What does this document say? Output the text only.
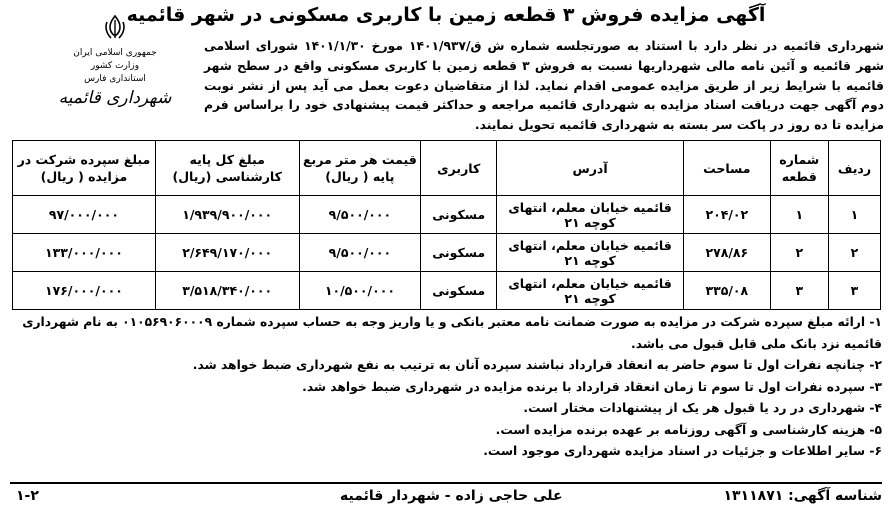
آگهی مزایده فروش ۳ قطعه زمین با کاربری مسکونی در شهر قائمیه
جمهوری اسلامی ایران
وزارت کشور
استانداری فارس
شهرداری قائمیه
شهرداری قائمیه در نظر دارد با استناد به صورتجلسه شماره ش ق/۱۴۰۱/۹۳۷ مورخ ۱۴۰۱/۱/۳۰ شورای اسلامی شهر قائمیه و آئین نامه مالی شهرداریها نسبت به فروش ۳ قطعه زمین با کاربری مسکونی واقع در سطح شهر قائمیه با شرایط زیر از طریق مزایده عمومی اقدام نماید. لذا از متقاضیان دعوت بعمل می آید پس از نشر نوبت دوم آگهی جهت دریافت اسناد مزایده به شهرداری قائمیه مراجعه و حداکثر قیمت پیشنهادی خود را براساس فرم مزایده تا ده روز در پاکت سر بسته به شهرداری قائمیه تحویل نمایند.
ردیف	شماره قطعه	مساحت	آدرس	کاربری	قیمت هر متر مربع پایه ( ریال)	مبلغ کل پایه کارشناسی (ریال)	مبلغ سپرده شرکت در مزایده ( ریال)
۱	۱	۲۰۴/۰۲	قائمیه خیابان معلم، انتهای کوچه ۲۱	مسکونی	۹/۵۰۰/۰۰۰	۱/۹۳۹/۹۰۰/۰۰۰	۹۷/۰۰۰/۰۰۰
۲	۲	۲۷۸/۸۶	قائمیه خیابان معلم، انتهای کوچه ۲۱	مسکونی	۹/۵۰۰/۰۰۰	۲/۶۴۹/۱۷۰/۰۰۰	۱۳۳/۰۰۰/۰۰۰
۳	۳	۳۳۵/۰۸	قائمیه خیابان معلم، انتهای کوچه ۲۱	مسکونی	۱۰/۵۰۰/۰۰۰	۳/۵۱۸/۳۴۰/۰۰۰	۱۷۶/۰۰۰/۰۰۰

۱- ارائه مبلغ سپرده شرکت در مزایده به صورت ضمانت نامه معتبر بانکی و یا واریز وجه به حساب سپرده شماره ۰۱۰۵۶۹۰۶۰۰۰۹ به نام شهرداری قائمیه نزد بانک ملی قابل قبول می باشد.

۲- چنانچه نفرات اول تا سوم حاضر به انعقاد قرارداد نباشند سپرده آنان به ترتیب به نفع شهرداری ضبط خواهد شد.

۳- سپرده نفرات اول تا سوم تا زمان انعقاد قرارداد با برنده مزایده در شهرداری ضبط خواهد شد.

۴- شهرداری در رد یا قبول هر یک از پیشنهادات مختار است.

۵- هزینه کارشناسی و آگهی روزنامه بر عهده برنده مزایده است.

۶- سایر اطلاعات و جزئیات در اسناد مزایده شهرداری موجود است.

شناسه آگهی: ۱۳۱۱۸۷۱
علی حاجی زاده - شهردار قائمیه
۱-۲
